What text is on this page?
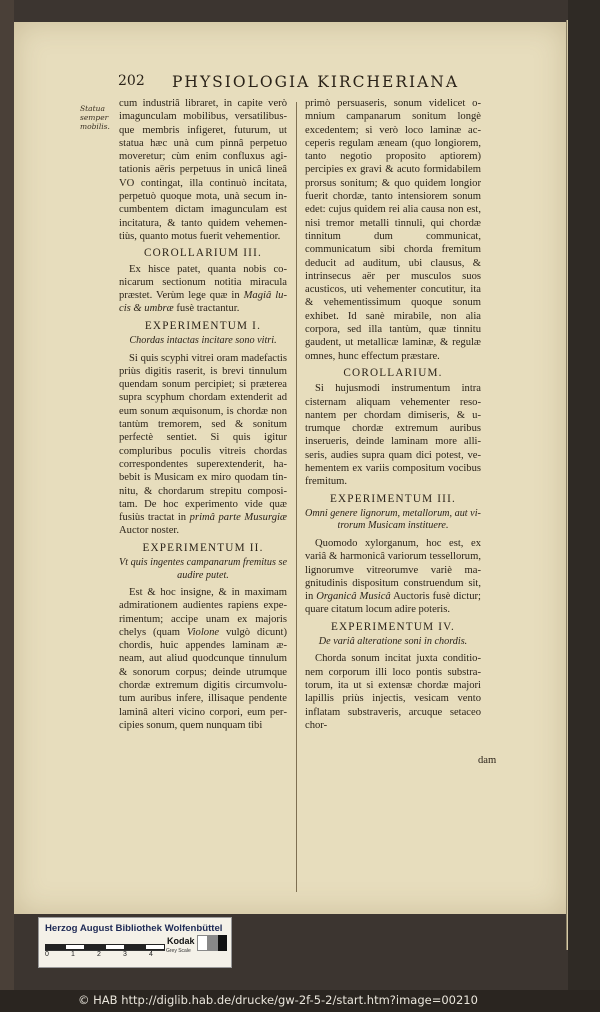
202 PHYSIOLOGIA KIRCHERIANA
Statua semper mobilis.

cum industriâ libraret, in capite verò imagunculam mobilibus, versatilibusque membris infigeret, futurum, ut statua hæc unà cum pinnâ perpetuo moveretur; cùm enim confluxus agitationis aëris perpetuus in unicâ lineâ VO contingat, illa continuò incitata, perpetuò quoque mota, unà secum incumbentem dictam imagunculam est incitatura, & tanto quidem vehementiùs, quanto motus fuerit vehementior.

COROLLARIUM III.

Ex hisce patet, quanta nobis conicarum sectionum notitia miracula præstet. Verùm lege quæ in Magiâ lucis & umbræ fusè tractantur.

EXPERIMENTUM I.
Chordas intactas incitare sono vitri.

Si quis scyphi vitrei oram madefactis priùs digitis raserit, is brevi tinnulum quendam sonum percipiet; si præterea supra scyphum chordam extenderit ad eum sonum æquisonum, is chordæ non tantùm tremorem, sed & sonitum perfectè sentiet. Si quis igitur compluribus poculis vitreis chordas correspondentes superextenderit, habebit is Musicam ex miro quodam tinnitu, & chordarum strepitu compositam. De hoc experimento vide quæ fusiùs tractat in primâ parte Musurgiæ Auctor noster.

EXPERIMENTUM II.
Vt quis ingentes campanarum fremitus se audire putet.

Est & hoc insigne, & in maximam admirationem audientes rapiens experimentum; accipe unam ex majoris chelys (quam Violone vulgò dicunt) chordis, huic appendes laminam æneam, aut aliud quodcunque tinnulum & sonorum corpus; deinde utrumque chordæ extremum digitis circumvolutum auribus infere, illisaque pendente laminâ alteri vicino corpori, eum percipies sonum, quem nunquam tibi

primò persuaseris, sonum videlicet omnium campanarum sonitum longè excedentem; si verò loco laminæ acceperis regulam æneam (quo longiorem, tanto negotio proposito aptiorem) percipies ex gravi & acuto formidabilem prorsus sonitum; & quo quidem longior fuerit chordæ, tanto intensiorem sonum edet: cujus quidem rei alia causa non est, nisi tremor metalli tinnuli, qui chordæ tinnitum dum communicat, communicatum sibi chorda fremitum deducit ad auditum, ubi clausus, & intrinsecus aër per musculos suos acusticos, uti vehementer concutitur, ita & vehementissimum quoque sonum exhibet. Id sanè mirabile, non alia corpora, sed illa tantùm, quæ tinnitu gaudent, ut metallicæ laminæ, & regulæ omnes, hunc effectum præstare.

COROLLARIUM.

Si hujusmodi instrumentum intra cisternam aliquam vehementer resonantem per chordam dimiseris, & utrumque chordæ extremum auribus inserueris, deinde laminam more alliseris, audies supra quam dici potest, vehementem ex variis compositum vocibus fremitum.

EXPERIMENTUM III.
Omni genere lignorum, metallorum, aut vitrorum Musicam instituere.

Quomodo xylorganum, hoc est, ex variâ & harmonicâ variorum tessellorum, lignorumve vitreorumve variè magnitudinis dispositum construendum sit, in Organicâ Musicâ Auctoris fusè dictur; quare citatum locum adire poteris.

EXPERIMENTUM IV.
De variâ alteratione soni in chordis.

Chorda sonum incitat juxta conditionem corporum illi loco pontis substratorum, ita ut si extensæ chordæ majori lapillis priùs injectis, vesicam vento inflatam substraveris, arcuque setaceo chor-

dam
Herzog August Bibliothek Wolfenbüttel
0	1	2	3	4
Kodak
Grey Scale
© HAB http://diglib.hab.de/drucke/gw-2f-5-2/start.htm?image=00210
